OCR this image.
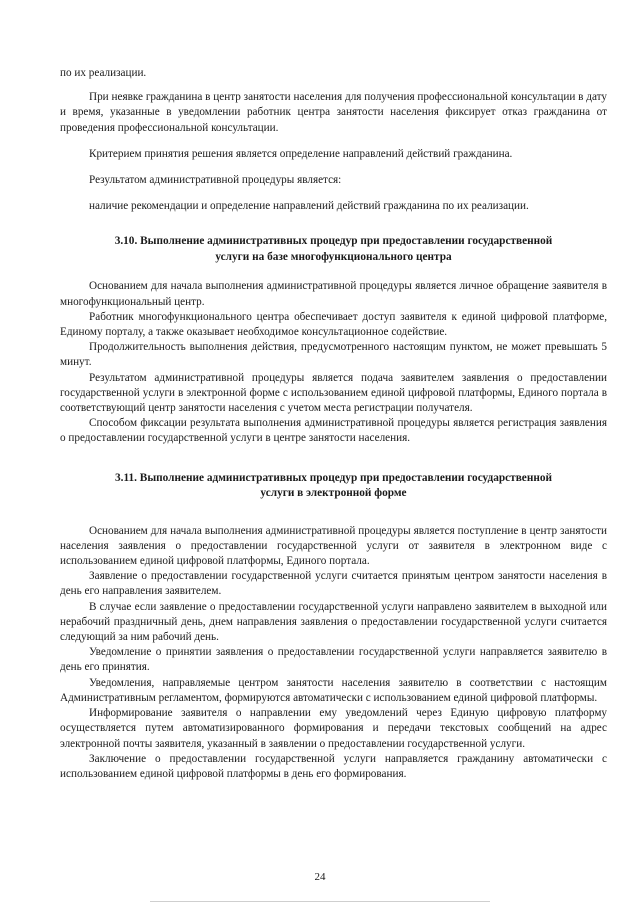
по их реализации.

При неявке гражданина в центр занятости населения для получения профессиональной консультации в дату и время, указанные в уведомлении работник центра занятости населения фиксирует отказ гражданина от проведения профессиональной консультации.

Критерием принятия решения является определение направлений действий гражданина.

Результатом административной процедуры является:

наличие рекомендации и определение направлений действий гражданина по их реализации.

3.10. Выполнение административных процедур при предоставлении государственной услуги на базе многофункционального центра

Основанием для начала выполнения административной процедуры является личное обращение заявителя в многофункциональный центр.

Работник многофункционального центра обеспечивает доступ заявителя к единой цифровой платформе, Единому порталу, а также оказывает необходимое консультационное содействие.

Продолжительность выполнения действия, предусмотренного настоящим пунктом, не может превышать 5 минут.

Результатом административной процедуры является подача заявителем заявления о предоставлении государственной услуги в электронной форме с использованием единой цифровой платформы, Единого портала в соответствующий центр занятости населения с учетом места регистрации получателя.

Способом фиксации результата выполнения административной процедуры является регистрация заявления о предоставлении государственной услуги в центре занятости населения.

3.11. Выполнение административных процедур при предоставлении государственной услуги в электронной форме

Основанием для начала выполнения административной процедуры является поступление в центр занятости населения заявления о предоставлении государственной услуги от заявителя в электронном виде с использованием единой цифровой платформы, Единого портала.

Заявление о предоставлении государственной услуги считается принятым центром занятости населения в день его направления заявителем.

В случае если заявление о предоставлении государственной услуги направлено заявителем в выходной или нерабочий праздничный день, днем направления заявления о предоставлении государственной услуги считается следующий за ним рабочий день.

Уведомление о принятии заявления о предоставлении государственной услуги направляется заявителю в день его принятия.

Уведомления, направляемые центром занятости населения заявителю в соответствии с настоящим Административным регламентом, формируются автоматически с использованием единой цифровой платформы.

Информирование заявителя о направлении ему уведомлений через Единую цифровую платформу осуществляется путем автоматизированного формирования и передачи текстовых сообщений на адрес электронной почты заявителя, указанный в заявлении о предоставлении государственной услуги.

Заключение о предоставлении государственной услуги направляется гражданину автоматически с использованием единой цифровой платформы в день его формирования.

24
